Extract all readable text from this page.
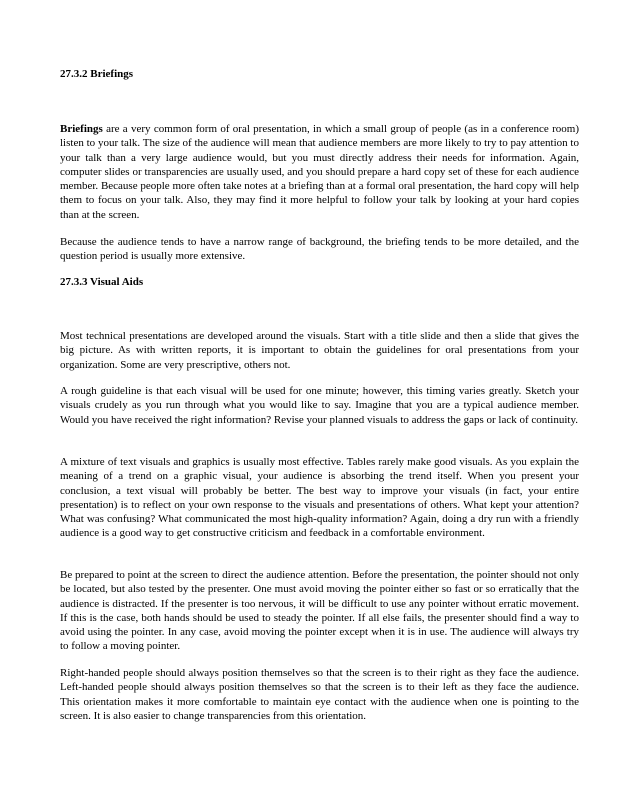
27.3.2 Briefings

Briefings are a very common form of oral presentation, in which a small group of people (as in a conference room) listen to your talk. The size of the audience will mean that audience members are more likely to try to pay attention to your talk than a very large audience would, but you must directly address their needs for information. Again, computer slides or transparencies are usually used, and you should prepare a hard copy set of these for each audience member. Because people more often take notes at a briefing than at a formal oral presentation, the hard copy will help them to focus on your talk. Also, they may find it more helpful to follow your talk by looking at your hard copies than at the screen.

Because the audience tends to have a narrow range of background, the briefing tends to be more detailed, and the question period is usually more extensive.

27.3.3 Visual Aids

Most technical presentations are developed around the visuals. Start with a title slide and then a slide that gives the big picture. As with written reports, it is important to obtain the guidelines for oral presentations from your organization. Some are very prescriptive, others not.

A rough guideline is that each visual will be used for one minute; however, this timing varies greatly. Sketch your visuals crudely as you run through what you would like to say. Imagine that you are a typical audience member. Would you have received the right information? Revise your planned visuals to address the gaps or lack of continuity.

A mixture of text visuals and graphics is usually most effective. Tables rarely make good visuals. As you explain the meaning of a trend on a graphic visual, your audience is absorbing the trend itself. When you present your conclusion, a text visual will probably be better. The best way to improve your visuals (in fact, your entire presentation) is to reflect on your own response to the visuals and presentations of others. What kept your attention? What was confusing? What communicated the most high-quality information? Again, doing a dry run with a friendly audience is a good way to get constructive criticism and feedback in a comfortable environment.

Be prepared to point at the screen to direct the audience attention. Before the presentation, the pointer should not only be located, but also tested by the presenter. One must avoid moving the pointer either so fast or so erratically that the audience is distracted. If the presenter is too nervous, it will be difficult to use any pointer without erratic movement. If this is the case, both hands should be used to steady the pointer. If all else fails, the presenter should find a way to avoid using the pointer. In any case, avoid moving the pointer except when it is in use. The audience will always try to follow a moving pointer.

Right-handed people should always position themselves so that the screen is to their right as they face the audience. Left-handed people should always position themselves so that the screen is to their left as they face the audience. This orientation makes it more comfortable to maintain eye contact with the audience when one is pointing to the screen. It is also easier to change transparencies from this orientation.
